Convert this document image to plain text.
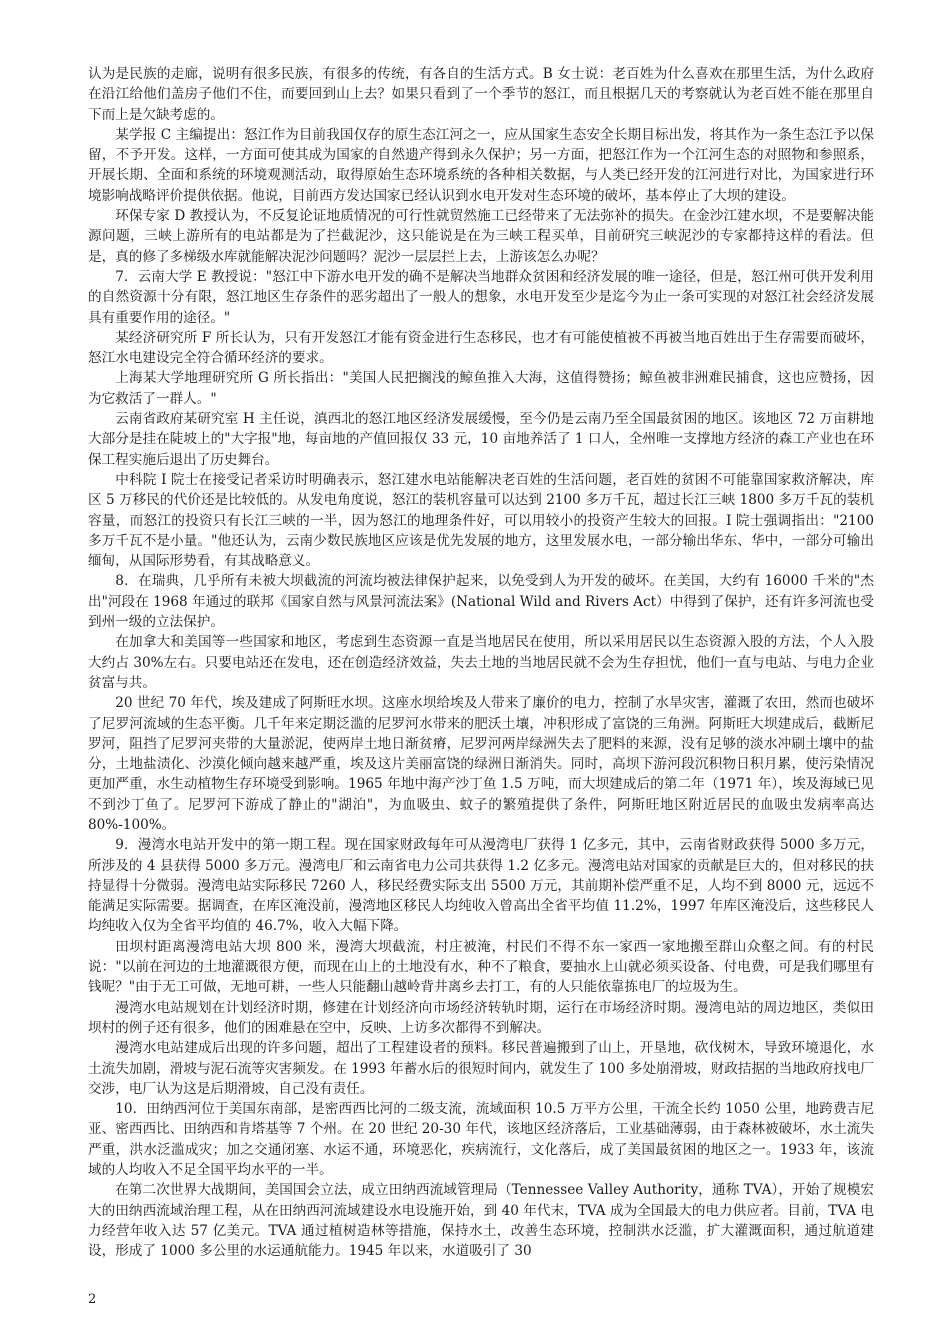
认为是民族的走廊，说明有很多民族，有很多的传统，有各自的生活方式。B 女士说：老百姓为什么喜欢在那里生活，为什么政府在沿江给他们盖房子他们不住，而要回到山上去？如果只看到了一个季节的怒江，而且根据几天的考察就认为老百姓不能在那里自下而上是欠缺考虑的。

某学报 C 主编提出：怒江作为目前我国仅存的原生态江河之一，应从国家生态安全长期目标出发，将其作为一条生态江予以保留，不予开发。这样，一方面可使其成为国家的自然遗产得到永久保护；另一方面，把怒江作为一个江河生态的对照物和参照系，开展长期、全面和系统的环境观测活动，取得原始生态环境系统的各种相关数据，与人类已经开发的江河进行对比，为国家进行环境影响战略评价提供依据。他说，目前西方发达国家已经认识到水电开发对生态环境的破坏，基本停止了大坝的建设。

环保专家 D 教授认为，不反复论证地质情况的可行性就贸然施工已经带来了无法弥补的损失。在金沙江建水坝，不是要解决能源问题，三峡上游所有的电站都是为了拦截泥沙，这只能说是在为三峡工程买单，目前研究三峡泥沙的专家都持这样的看法。但是，真的修了多梯级水库就能解决泥沙问题吗？泥沙一层层拦上去，上游该怎么办呢？

7．云南大学 E 教授说："怒江中下游水电开发的确不是解决当地群众贫困和经济发展的唯一途径，但是，怒江州可供开发利用的自然资源十分有限，怒江地区生存条件的恶劣超出了一般人的想象，水电开发至少是迄今为止一条可实现的对怒江社会经济发展具有重要作用的途径。"

某经济研究所 F 所长认为，只有开发怒江才能有资金进行生态移民，也才有可能使植被不再被当地百姓出于生存需要而破坏，怒江水电建设完全符合循环经济的要求。

上海某大学地理研究所 G 所长指出："美国人民把搁浅的鲸鱼推入大海，这值得赞扬；鲸鱼被非洲难民捕食，这也应赞扬，因为它救活了一群人。"

云南省政府某研究室 H 主任说，滇西北的怒江地区经济发展缓慢，至今仍是云南乃至全国最贫困的地区。该地区 72 万亩耕地大部分是挂在陡坡上的"大字报"地，每亩地的产值回报仅 33 元，10 亩地养活了 1 口人，全州唯一支撑地方经济的森工产业也在环保工程实施后退出了历史舞台。

中科院 I 院士在接受记者采访时明确表示，怒江建水电站能解决老百姓的生活问题，老百姓的贫困不可能靠国家救济解决，库区 5 万移民的代价还是比较低的。从发电角度说，怒江的装机容量可以达到 2100 多万千瓦，超过长江三峡 1800 多万千瓦的装机容量，而怒江的投资只有长江三峡的一半，因为怒江的地理条件好，可以用较小的投资产生较大的回报。I 院士强调指出："2100 多万千瓦不是小量。"他还认为，云南少数民族地区应该是优先发展的地方，这里发展水电，一部分输出华东、华中，一部分可输出缅甸，从国际形势看，有其战略意义。

8．在瑞典，几乎所有未被大坝截流的河流均被法律保护起来，以免受到人为开发的破坏。在美国，大约有 16000 千米的"杰出"河段在 1968 年通过的联邦《国家自然与风景河流法案》(National Wild and Rivers Act）中得到了保护，还有许多河流也受到州一级的立法保护。

在加拿大和美国等一些国家和地区，考虑到生态资源一直是当地居民在使用，所以采用居民以生态资源入股的方法，个人入股大约占 30%左右。只要电站还在发电，还在创造经济效益，失去土地的当地居民就不会为生存担忧，他们一直与电站、与电力企业贫富与共。

20 世纪 70 年代，埃及建成了阿斯旺水坝。这座水坝给埃及人带来了廉价的电力，控制了水旱灾害，灌溉了农田，然而也破坏了尼罗河流域的生态平衡。几千年来定期泛滥的尼罗河水带来的肥沃土壤，冲积形成了富饶的三角洲。阿斯旺大坝建成后，截断尼罗河，阻挡了尼罗河夹带的大量淤泥，使两岸土地日渐贫瘠，尼罗河两岸绿洲失去了肥料的来源，没有足够的淡水冲刷土壤中的盐分，土地盐渍化、沙漠化倾向越来越严重，埃及这片美丽富饶的绿洲日渐消失。同时，高坝下游河段沉积物日积月累，使污染情况更加严重，水生动植物生存环境受到影响。1965 年地中海产沙丁鱼 1.5 万吨，而大坝建成后的第二年（1971 年），埃及海域已见不到沙丁鱼了。尼罗河下游成了静止的"湖泊"，为血吸虫、蚊子的繁殖提供了条件，阿斯旺地区附近居民的血吸虫发病率高达 80%-100%。

9．漫湾水电站开发中的第一期工程。现在国家财政每年可从漫湾电厂获得 1 亿多元，其中，云南省财政获得 5000 多万元，所涉及的 4 县获得 5000 多万元。漫湾电厂和云南省电力公司共获得 1.2 亿多元。漫湾电站对国家的贡献是巨大的，但对移民的扶持显得十分微弱。漫湾电站实际移民 7260 人，移民经费实际支出 5500 万元，其前期补偿严重不足，人均不到 8000 元，远远不能满足实际需要。据调查，在库区淹没前，漫湾地区移民人均纯收入曾高出全省平均值 11.2%，1997 年库区淹没后，这些移民人均纯收入仅为全省平均值的 46.7%，收入大幅下降。

田坝村距离漫湾电站大坝 800 米，漫湾大坝截流，村庄被淹，村民们不得不东一家西一家地搬至群山众壑之间。有的村民说："以前在河边的土地灌溉很方便，而现在山上的土地没有水，种不了粮食，要抽水上山就必须买设备、付电费，可是我们哪里有钱呢？"由于无工可做，无地可耕，一些人只能翻山越岭背井离乡去打工，有的人只能依靠拣电厂的垃圾为生。

漫湾水电站规划在计划经济时期，修建在计划经济向市场经济转轨时期，运行在市场经济时期。漫湾电站的周边地区，类似田坝村的例子还有很多，他们的困难悬在空中，反映、上访多次都得不到解决。

漫湾水电站建成后出现的许多问题，超出了工程建设者的预料。移民普遍搬到了山上，开垦地，砍伐树木，导致环境退化，水土流失加剧，滑坡与泥石流等灾害频发。在 1993 年蓄水后的很短时间内，就发生了 100 多处崩滑坡，财政拮据的当地政府找电厂交涉，电厂认为这是后期滑坡，自己没有责任。

10．田纳西河位于美国东南部，是密西西比河的二级支流，流域面积 10.5 万平方公里，干流全长约 1050 公里，地跨费吉尼亚、密西西比、田纳西和肯塔基等 7 个州。在 20 世纪 20-30 年代，该地区经济落后，工业基础薄弱，由于森林被破坏，水土流失严重，洪水泛滥成灾；加之交通闭塞、水运不通，环境恶化，疾病流行，文化落后，成了美国最贫困的地区之一。1933 年，该流域的人均收入不足全国平均水平的一半。

在第二次世界大战期间，美国国会立法，成立田纳西流域管理局（Tennessee Valley Authority，通称 TVA），开始了规模宏大的田纳西流域治理工程，从在田纳西河流域建设水电设施开始，到 40 年代末，TVA 成为全国最大的电力供应者。目前，TVA 电力经营年收入达 57 亿美元。TVA 通过植树造林等措施，保持水土，改善生态环境，控制洪水泛滥，扩大灌溉面积，通过航道建设，形成了 1000 多公里的水运通航能力。1945 年以来，水道吸引了 30

2
